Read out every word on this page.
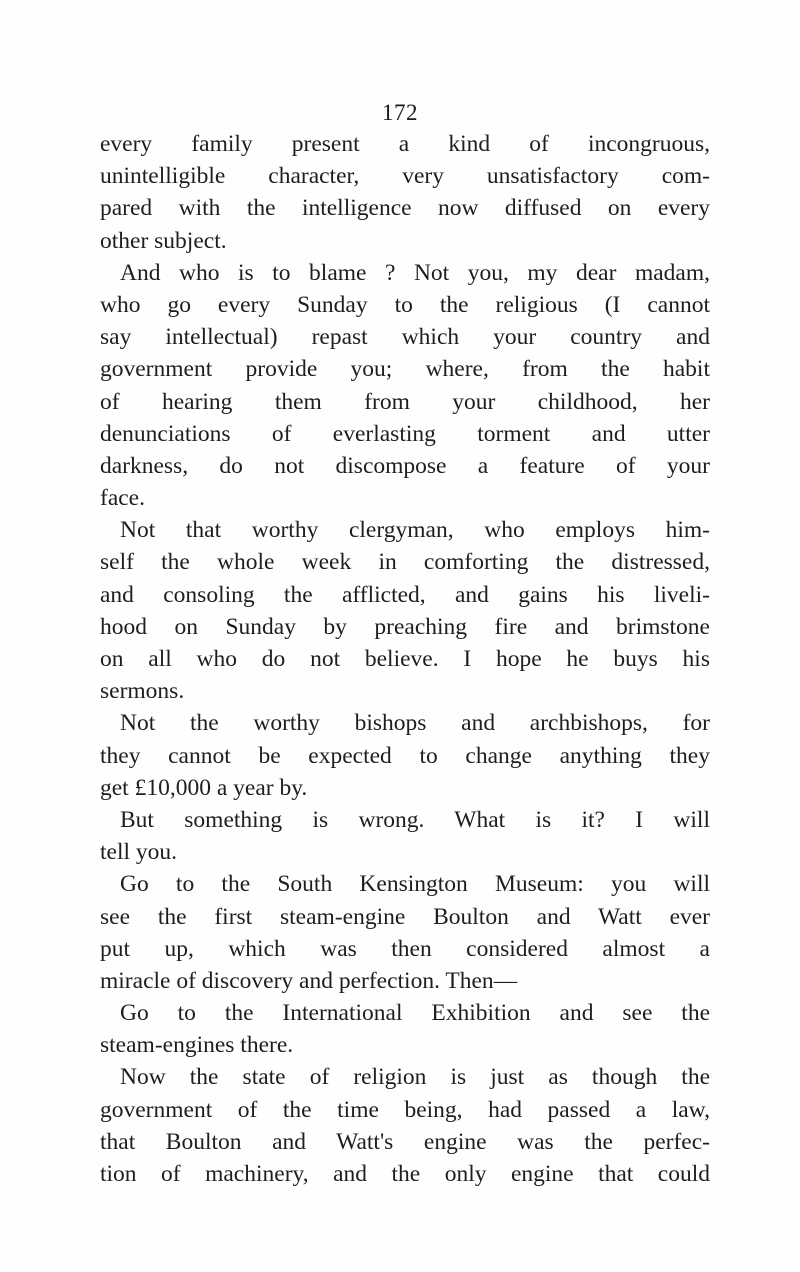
172
every family present a kind of incongruous,
unintelligible character, very unsatisfactory com-
pared with the intelligence now diffused on every
other subject.
And who is to blame ? Not you, my dear madam,
who go every Sunday to the religious (I cannot
say intellectual) repast which your country and
government provide you; where, from the habit
of hearing them from your childhood, her
denunciations of everlasting torment and utter
darkness, do not discompose a feature of your
face.
Not that worthy clergyman, who employs him-
self the whole week in comforting the distressed,
and consoling the afflicted, and gains his liveli-
hood on Sunday by preaching fire and brimstone
on all who do not believe. I hope he buys his
sermons.
Not the worthy bishops and archbishops, for
they cannot be expected to change anything they
get £10,000 a year by.
But something is wrong. What is it? I will
tell you.
Go to the South Kensington Museum: you will
see the first steam-engine Boulton and Watt ever
put up, which was then considered almost a
miracle of discovery and perfection. Then—
Go to the International Exhibition and see the
steam-engines there.
Now the state of religion is just as though the
government of the time being, had passed a law,
that Boulton and Watt's engine was the perfec-
tion of machinery, and the only engine that could
